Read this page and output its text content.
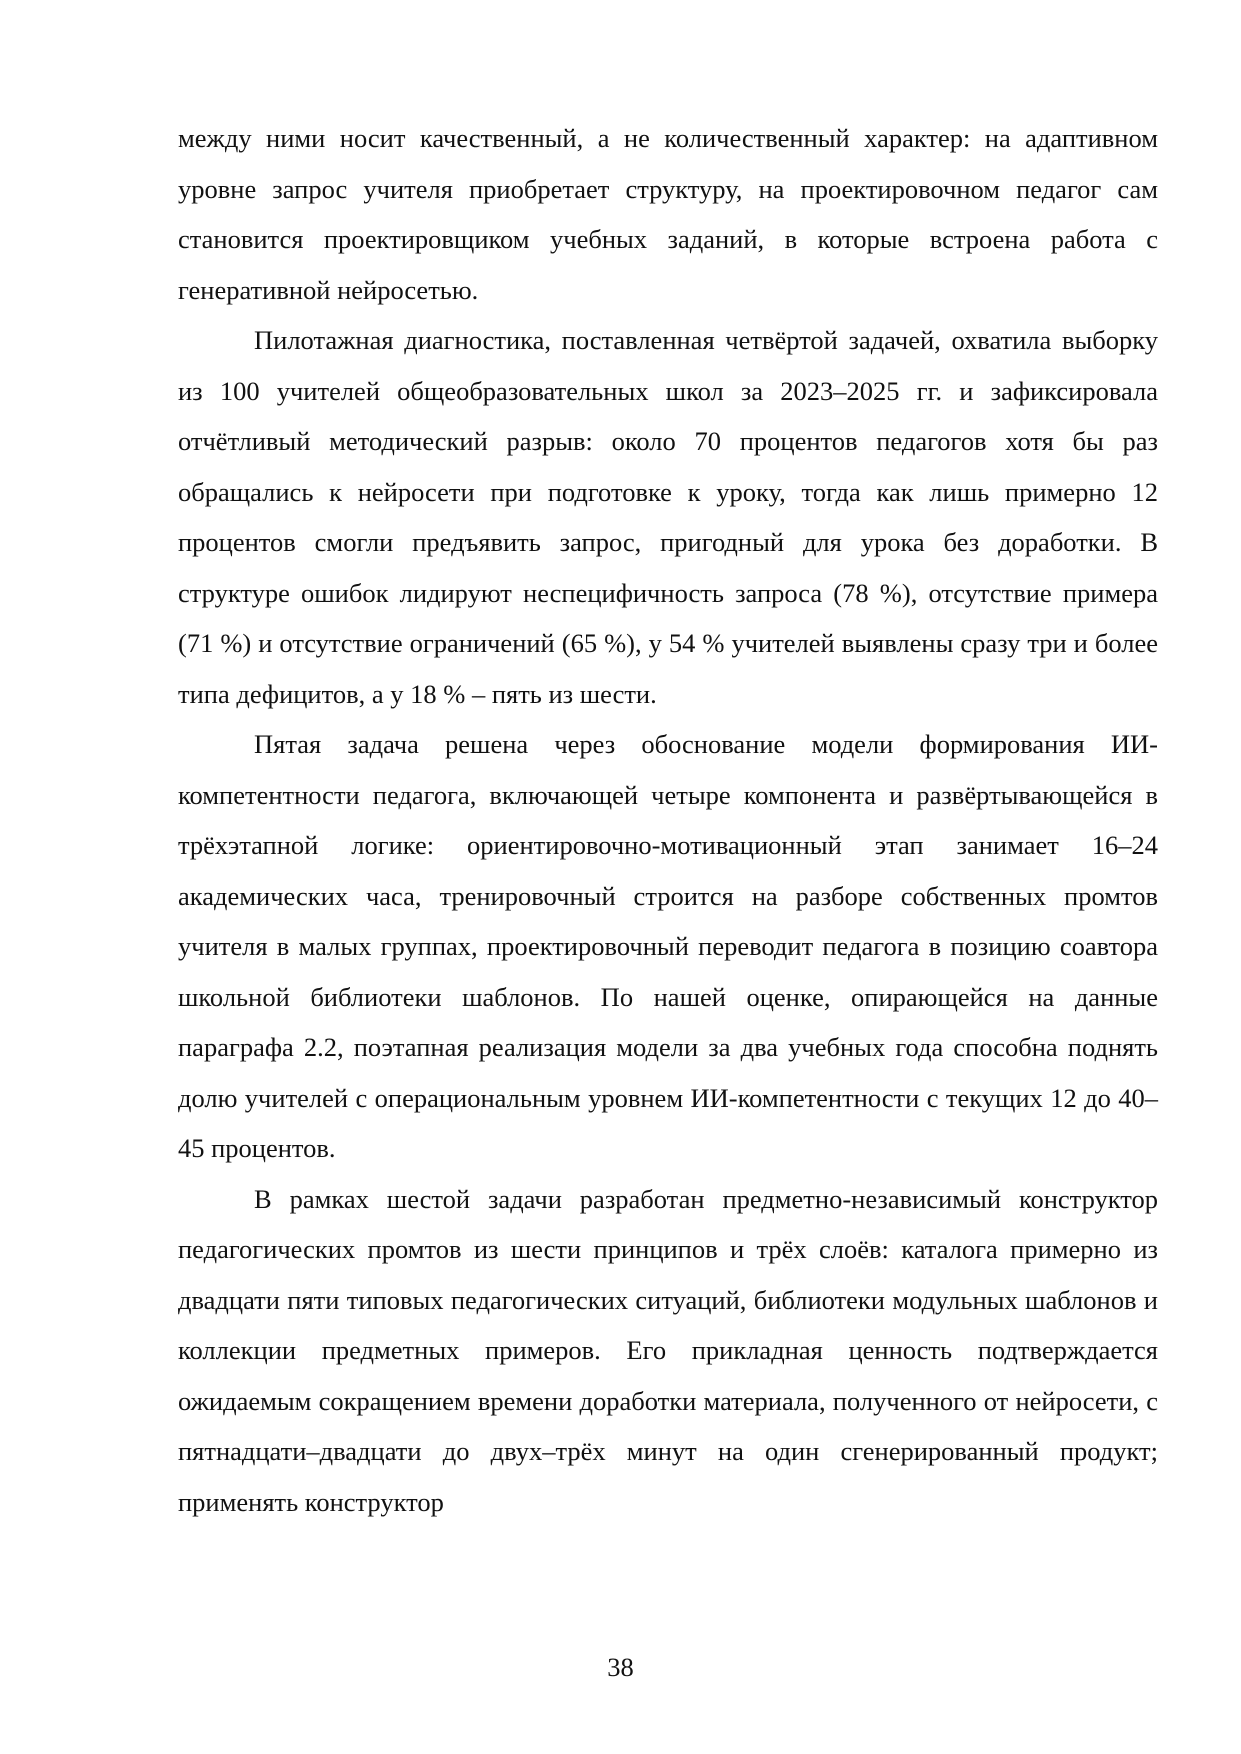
между ними носит качественный, а не количественный характер: на адаптивном уровне запрос учителя приобретает структуру, на проектировочном педагог сам становится проектировщиком учебных заданий, в которые встроена работа с генеративной нейросетью.

Пилотажная диагностика, поставленная четвёртой задачей, охватила выборку из 100 учителей общеобразовательных школ за 2023–2025 гг. и зафиксировала отчётливый методический разрыв: около 70 процентов педагогов хотя бы раз обращались к нейросети при подготовке к уроку, тогда как лишь примерно 12 процентов смогли предъявить запрос, пригодный для урока без доработки. В структуре ошибок лидируют неспецифичность запроса (78 %), отсутствие примера (71 %) и отсутствие ограничений (65 %), у 54 % учителей выявлены сразу три и более типа дефицитов, а у 18 % – пять из шести.

Пятая задача решена через обоснование модели формирования ИИ-компетентности педагога, включающей четыре компонента и развёртывающейся в трёхэтапной логике: ориентировочно-мотивационный этап занимает 16–24 академических часа, тренировочный строится на разборе собственных промтов учителя в малых группах, проектировочный переводит педагога в позицию соавтора школьной библиотеки шаблонов. По нашей оценке, опирающейся на данные параграфа 2.2, поэтапная реализация модели за два учебных года способна поднять долю учителей с операциональным уровнем ИИ-компетентности с текущих 12 до 40–45 процентов.

В рамках шестой задачи разработан предметно-независимый конструктор педагогических промтов из шести принципов и трёх слоёв: каталога примерно из двадцати пяти типовых педагогических ситуаций, библиотеки модульных шаблонов и коллекции предметных примеров. Его прикладная ценность подтверждается ожидаемым сокращением времени доработки материала, полученного от нейросети, с пятнадцати–двадцати до двух–трёх минут на один сгенерированный продукт; применять конструктор

38
